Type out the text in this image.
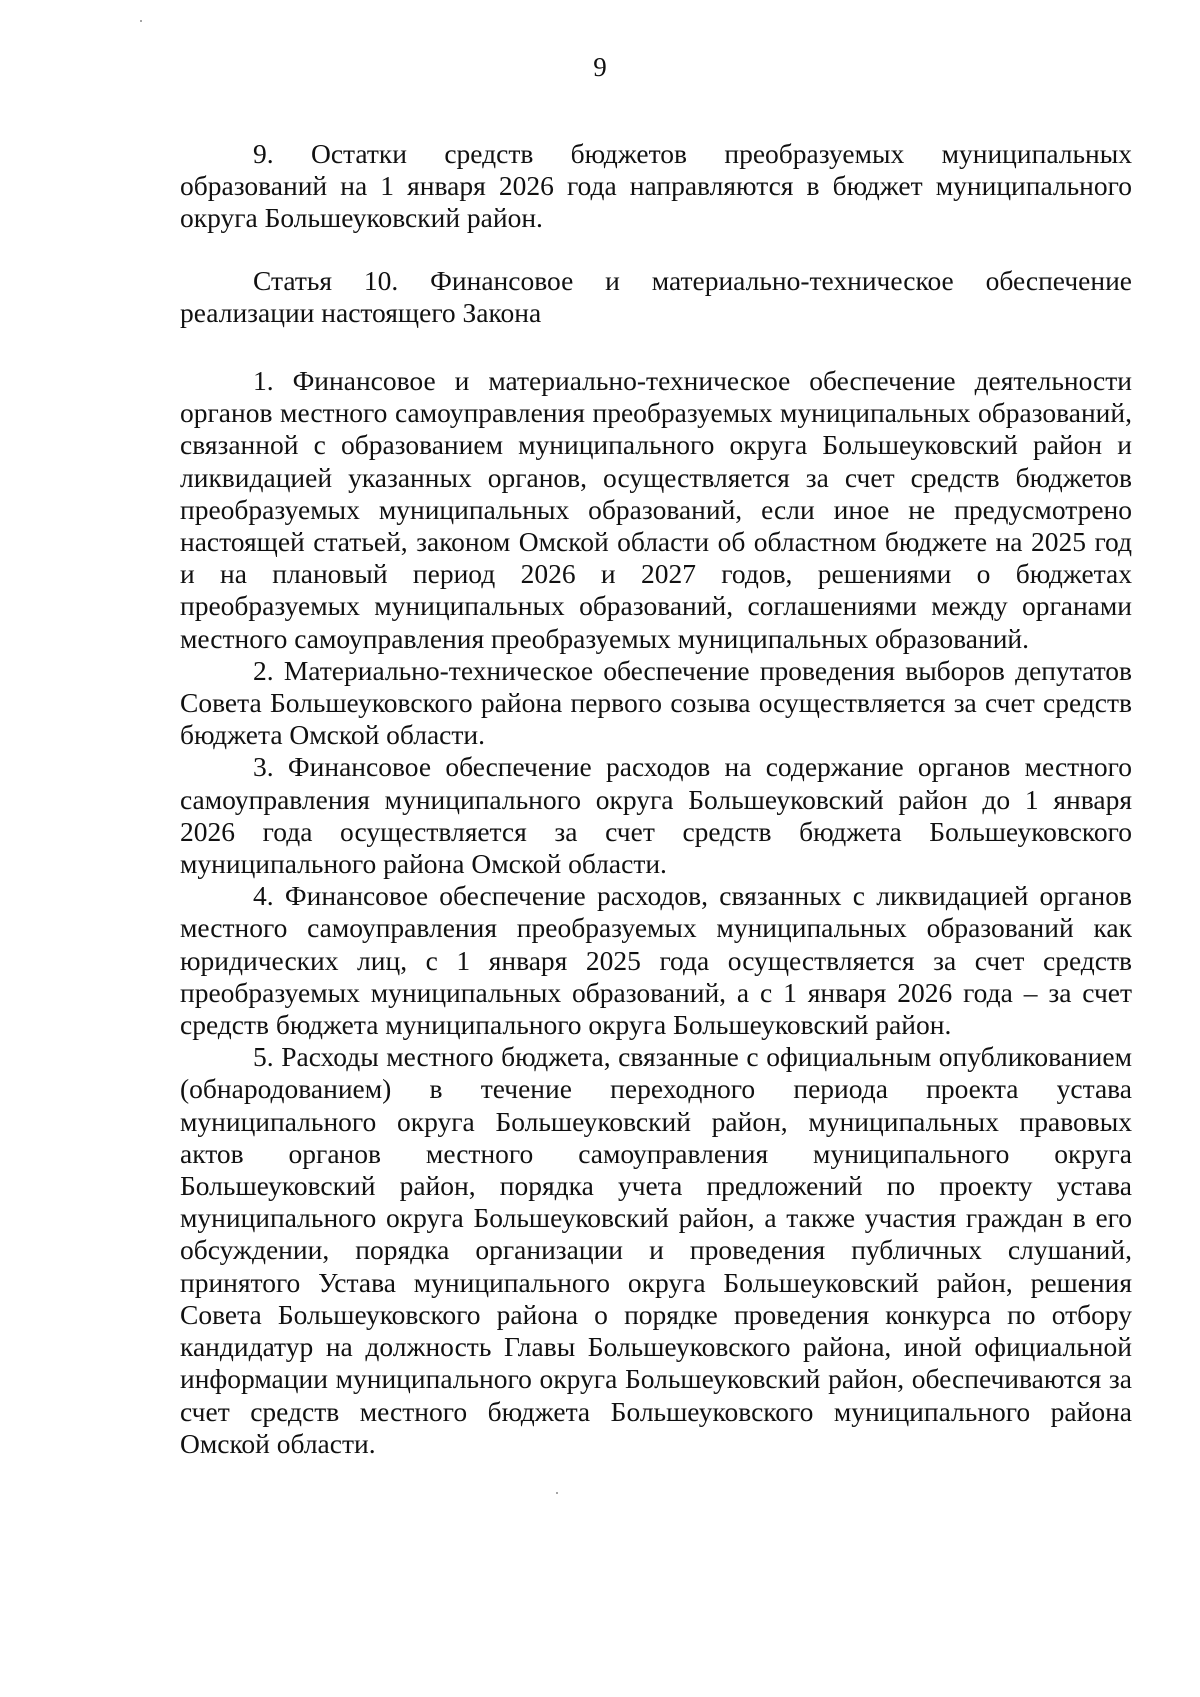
9

9. Остатки средств бюджетов преобразуемых муниципальных образований на 1 января 2026 года направляются в бюджет муниципального округа Большеуковский район.

Статья 10. Финансовое и материально-техническое обеспечение реализации настоящего Закона

1. Финансовое и материально-техническое обеспечение деятельности органов местного самоуправления преобразуемых муниципальных образований, связанной с образованием муниципального округа Большеуковский район и ликвидацией указанных органов, осуществляется за счет средств бюджетов преобразуемых муниципальных образований, если иное не предусмотрено настоящей статьей, законом Омской области об областном бюджете на 2025 год и на плановый период 2026 и 2027 годов, решениями о бюджетах преобразуемых муниципальных образований, соглашениями между органами местного самоуправления преобразуемых муниципальных образований.

2. Материально-техническое обеспечение проведения выборов депутатов Совета Большеуковского района первого созыва осуществляется за счет средств бюджета Омской области.

3. Финансовое обеспечение расходов на содержание органов местного самоуправления муниципального округа Большеуковский район до 1 января 2026 года осуществляется за счет средств бюджета Большеуковского муниципального района Омской области.

4. Финансовое обеспечение расходов, связанных с ликвидацией органов местного самоуправления преобразуемых муниципальных образований как юридических лиц, с 1 января 2025 года осуществляется за счет средств преобразуемых муниципальных образований, а с 1 января 2026 года – за счет средств бюджета муниципального округа Большеуковский район.

5. Расходы местного бюджета, связанные с официальным опубликованием (обнародованием) в течение переходного периода проекта устава муниципального округа Большеуковский район, муниципальных правовых актов органов местного самоуправления муниципального округа Большеуковский район, порядка учета предложений по проекту устава муниципального округа Большеуковский район, а также участия граждан в его обсуждении, порядка организации и проведения публичных слушаний, принятого Устава муниципального округа Большеуковский район, решения Совета Большеуковского района о порядке проведения конкурса по отбору кандидатур на должность Главы Большеуковского района, иной официальной информации муниципального округа Большеуковский район, обеспечиваются за счет средств местного бюджета Большеуковского муниципального района Омской области.
